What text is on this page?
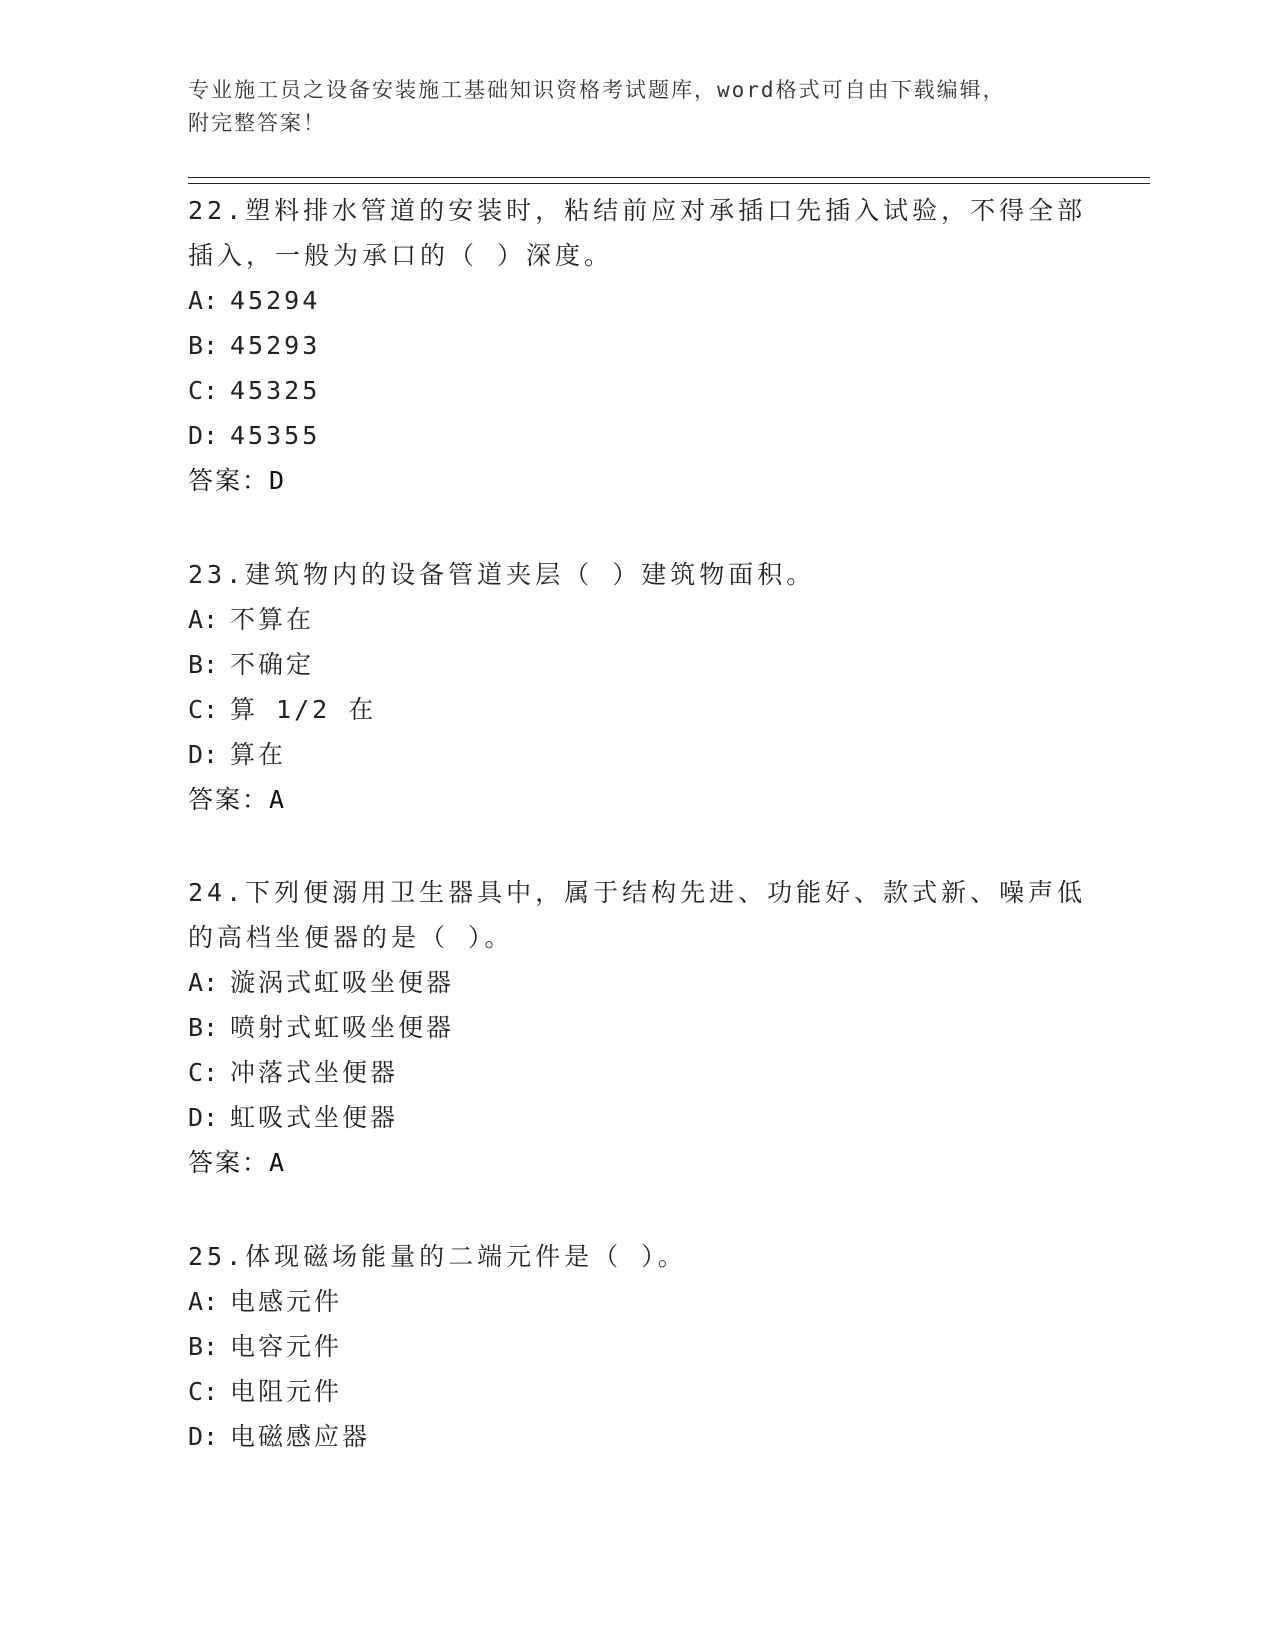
专业施工员之设备安装施工基础知识资格考试题库，word格式可自由下载编辑，
附完整答案！
22.塑料排水管道的安装时，粘结前应对承插口先插入试验，不得全部插入，一般为承口的（ ）深度。
A: 45294
B: 45293
C: 45325
D: 45355
答案：D
23.建筑物内的设备管道夹层（ ）建筑物面积。
A: 不算在
B: 不确定
C: 算 1/2 在
D: 算在
答案：A
24.下列便溺用卫生器具中，属于结构先进、功能好、款式新、噪声低的高档坐便器的是（ ）。
A: 漩涡式虹吸坐便器
B: 喷射式虹吸坐便器
C: 冲落式坐便器
D: 虹吸式坐便器
答案：A
25.体现磁场能量的二端元件是（ ）。
A: 电感元件
B: 电容元件
C: 电阻元件
D: 电磁感应器
